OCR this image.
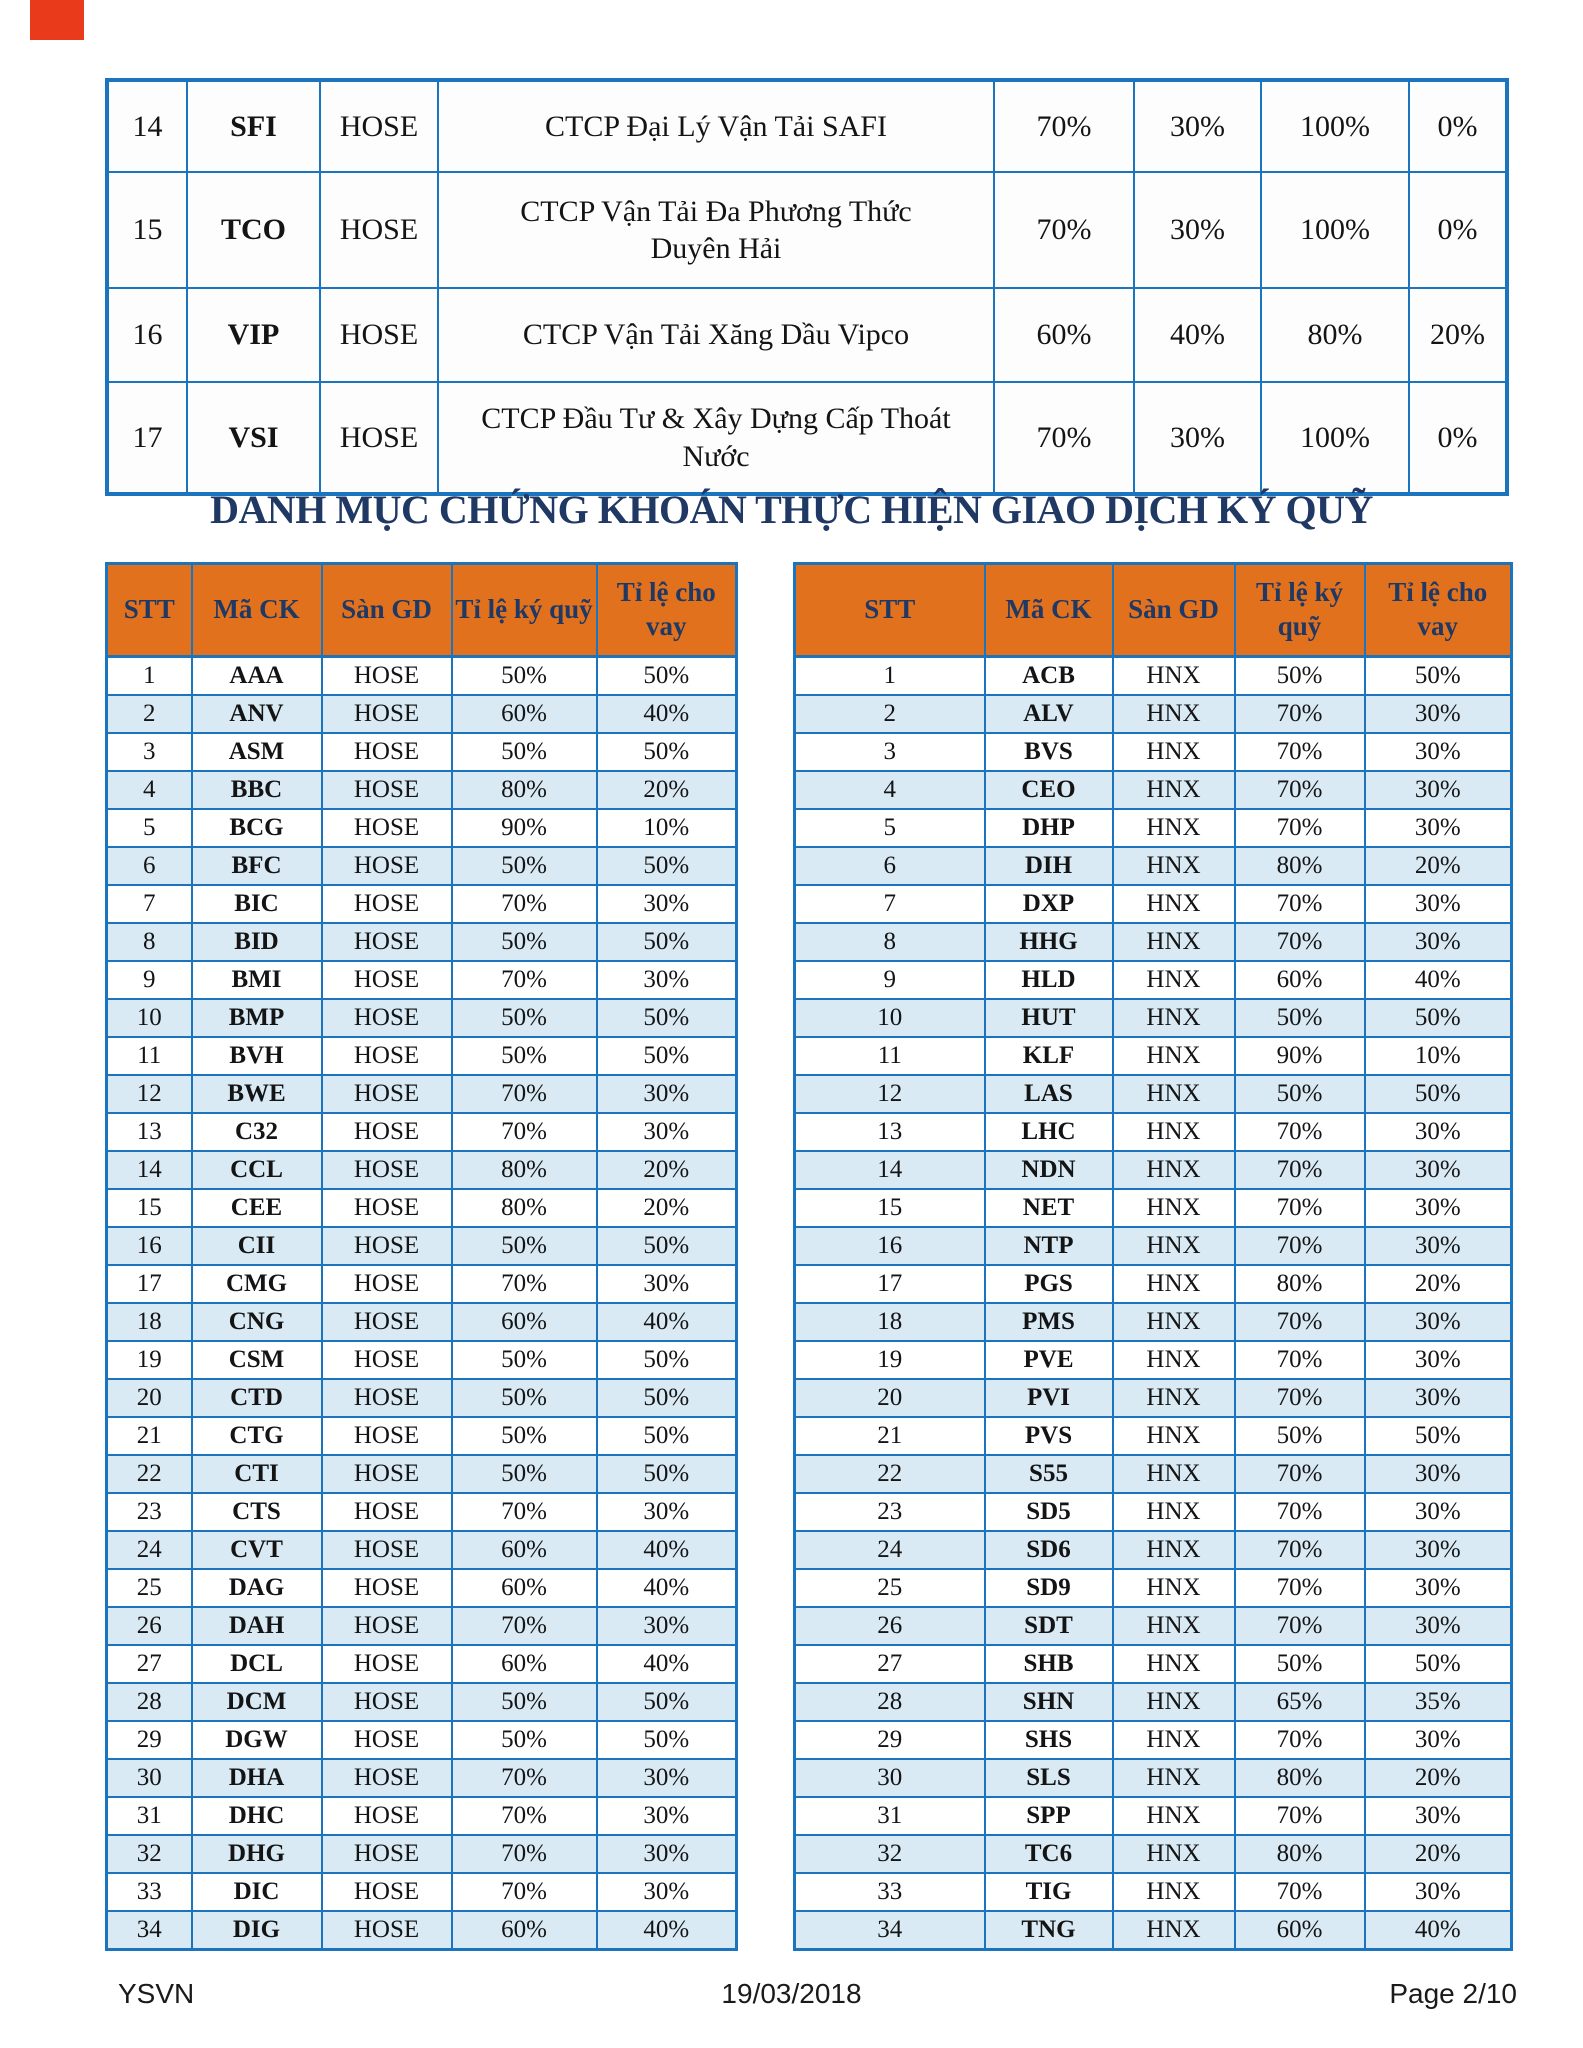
14	SFI	HOSE	CTCP Đại Lý Vận Tải SAFI	70%	30%	100%	0%
15	TCO	HOSE	CTCP Vận Tải Đa Phương Thức Duyên Hải	70%	30%	100%	0%
16	VIP	HOSE	CTCP Vận Tải Xăng Dầu Vipco	60%	40%	80%	20%
17	VSI	HOSE	CTCP Đầu Tư & Xây Dựng Cấp Thoát Nước	70%	30%	100%	0%
DANH MỤC CHỨNG KHOÁN THỰC HIỆN GIAO DỊCH KÝ QUỸ
STT	Mã CK	Sàn GD	Tỉ lệ ký quỹ	Tỉ lệ cho vay
1	AAA	HOSE	50%	50%
2	ANV	HOSE	60%	40%
3	ASM	HOSE	50%	50%
4	BBC	HOSE	80%	20%
5	BCG	HOSE	90%	10%
6	BFC	HOSE	50%	50%
7	BIC	HOSE	70%	30%
8	BID	HOSE	50%	50%
9	BMI	HOSE	70%	30%
10	BMP	HOSE	50%	50%
11	BVH	HOSE	50%	50%
12	BWE	HOSE	70%	30%
13	C32	HOSE	70%	30%
14	CCL	HOSE	80%	20%
15	CEE	HOSE	80%	20%
16	CII	HOSE	50%	50%
17	CMG	HOSE	70%	30%
18	CNG	HOSE	60%	40%
19	CSM	HOSE	50%	50%
20	CTD	HOSE	50%	50%
21	CTG	HOSE	50%	50%
22	CTI	HOSE	50%	50%
23	CTS	HOSE	70%	30%
24	CVT	HOSE	60%	40%
25	DAG	HOSE	60%	40%
26	DAH	HOSE	70%	30%
27	DCL	HOSE	60%	40%
28	DCM	HOSE	50%	50%
29	DGW	HOSE	50%	50%
30	DHA	HOSE	70%	30%
31	DHC	HOSE	70%	30%
32	DHG	HOSE	70%	30%
33	DIC	HOSE	70%	30%
34	DIG	HOSE	60%	40%
STT	Mã CK	Sàn GD	Tỉ lệ ký quỹ	Tỉ lệ cho vay
1	ACB	HNX	50%	50%
2	ALV	HNX	70%	30%
3	BVS	HNX	70%	30%
4	CEO	HNX	70%	30%
5	DHP	HNX	70%	30%
6	DIH	HNX	80%	20%
7	DXP	HNX	70%	30%
8	HHG	HNX	70%	30%
9	HLD	HNX	60%	40%
10	HUT	HNX	50%	50%
11	KLF	HNX	90%	10%
12	LAS	HNX	50%	50%
13	LHC	HNX	70%	30%
14	NDN	HNX	70%	30%
15	NET	HNX	70%	30%
16	NTP	HNX	70%	30%
17	PGS	HNX	80%	20%
18	PMS	HNX	70%	30%
19	PVE	HNX	70%	30%
20	PVI	HNX	70%	30%
21	PVS	HNX	50%	50%
22	S55	HNX	70%	30%
23	SD5	HNX	70%	30%
24	SD6	HNX	70%	30%
25	SD9	HNX	70%	30%
26	SDT	HNX	70%	30%
27	SHB	HNX	50%	50%
28	SHN	HNX	65%	35%
29	SHS	HNX	70%	30%
30	SLS	HNX	80%	20%
31	SPP	HNX	70%	30%
32	TC6	HNX	80%	20%
33	TIG	HNX	70%	30%
34	TNG	HNX	60%	40%
YSVN	19/03/2018	Page 2/10
